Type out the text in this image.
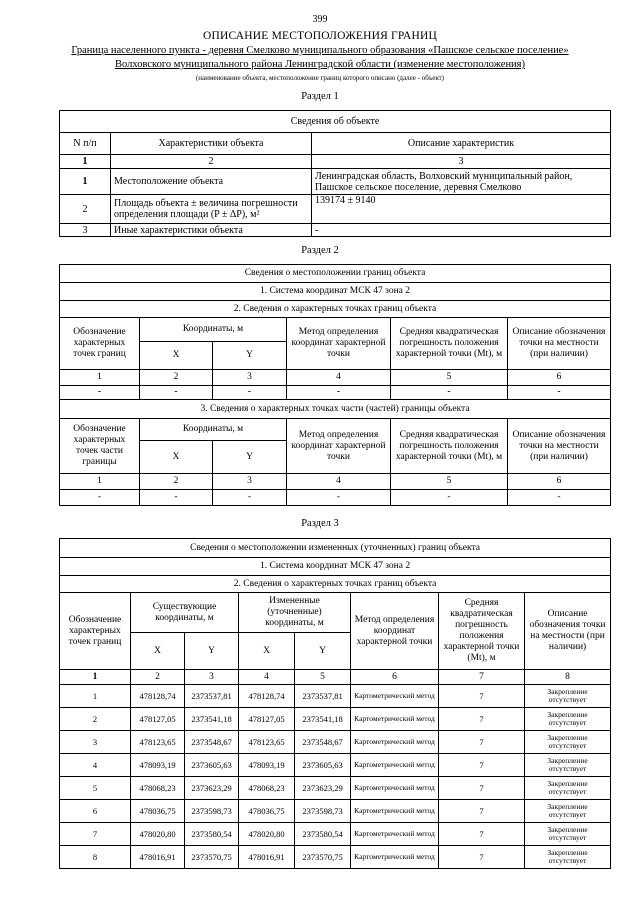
399
ОПИСАНИЕ МЕСТОПОЛОЖЕНИЯ ГРАНИЦ
Граница населенного пункта - деревня Смелково муниципального образования «Пашское сельское поселение»
Волховского муниципального района Ленинградской области (изменение местоположения)
(наименование объекта, местоположение границ которого описано (далее - объект)
Раздел 1
Сведения об объекте		
N п/п	Характеристики объекта	Описание характеристик
1	2	3
1	Местоположение объекта	Ленинградская область, Волховский муниципальный район, Пашское сельское поселение, деревня Смелково
2	Площадь объекта ± величина погрешности определения площади (P ± ΔP), м²	139174 ± 9140
3	Иные характеристики объекта	-
Раздел 2
Сведения о местоположении границ объекта					
1. Система координат МСК 47 зона 2					
2. Сведения о характерных точках границ объекта					
Обозначение характерных точек границ	Координаты, м		Метод определения координат характерной точки	Средняя квадратическая погрешность положения характерной точки (Mt), м	Описание обозначения точки на местности (при наличии)
	X	Y			
1	2	3	4	5	6
-	-	-	-	-	-
3. Сведения о характерных точках части (частей) границы объекта					
Обозначение характерных точек части границы	Координаты, м		Метод определения координат характерной точки	Средняя квадратическая погрешность положения характерной точки (Mt), м	Описание обозначения точки на местности (при наличии)
	X	Y			
1	2	3	4	5	6
-	-	-	-	-	-
Раздел 3
Сведения о местоположении измененных (уточненных) границ объекта							
1. Система координат МСК 47 зона 2							
2. Сведения о характерных точках границ объекта							
Обозначение характерных точек границ	Существующие координаты, м		Измененные (уточненные) координаты, м		Метод определения координат характерной точки	Средняя квадратическая погрешность положения характерной точки (Mt), м	Описание обозначения точки на местности (при наличии)
	X	Y	X	Y			
1	2	3	4	5	6	7	8
1	478128,74	2373537,81	478128,74	2373537,81	Картометрический метод	7	Закрепление отсутствует
2	478127,05	2373541,18	478127,05	2373541,18	Картометрический метод	7	Закрепление отсутствует
3	478123,65	2373548,67	478123,65	2373548,67	Картометрический метод	7	Закрепление отсутствует
4	478093,19	2373605,63	478093,19	2373605,63	Картометрический метод	7	Закрепление отсутствует
5	478068,23	2373623,29	478068,23	2373623,29	Картометрический метод	7	Закрепление отсутствует
6	478036,75	2373598,73	478036,75	2373598,73	Картометрический метод	7	Закрепление отсутствует
7	478020,80	2373580,54	478020,80	2373580,54	Картометрический метод	7	Закрепление отсутствует
8	478016,91	2373570,75	478016,91	2373570,75	Картометрический метод	7	Закрепление отсутствует
